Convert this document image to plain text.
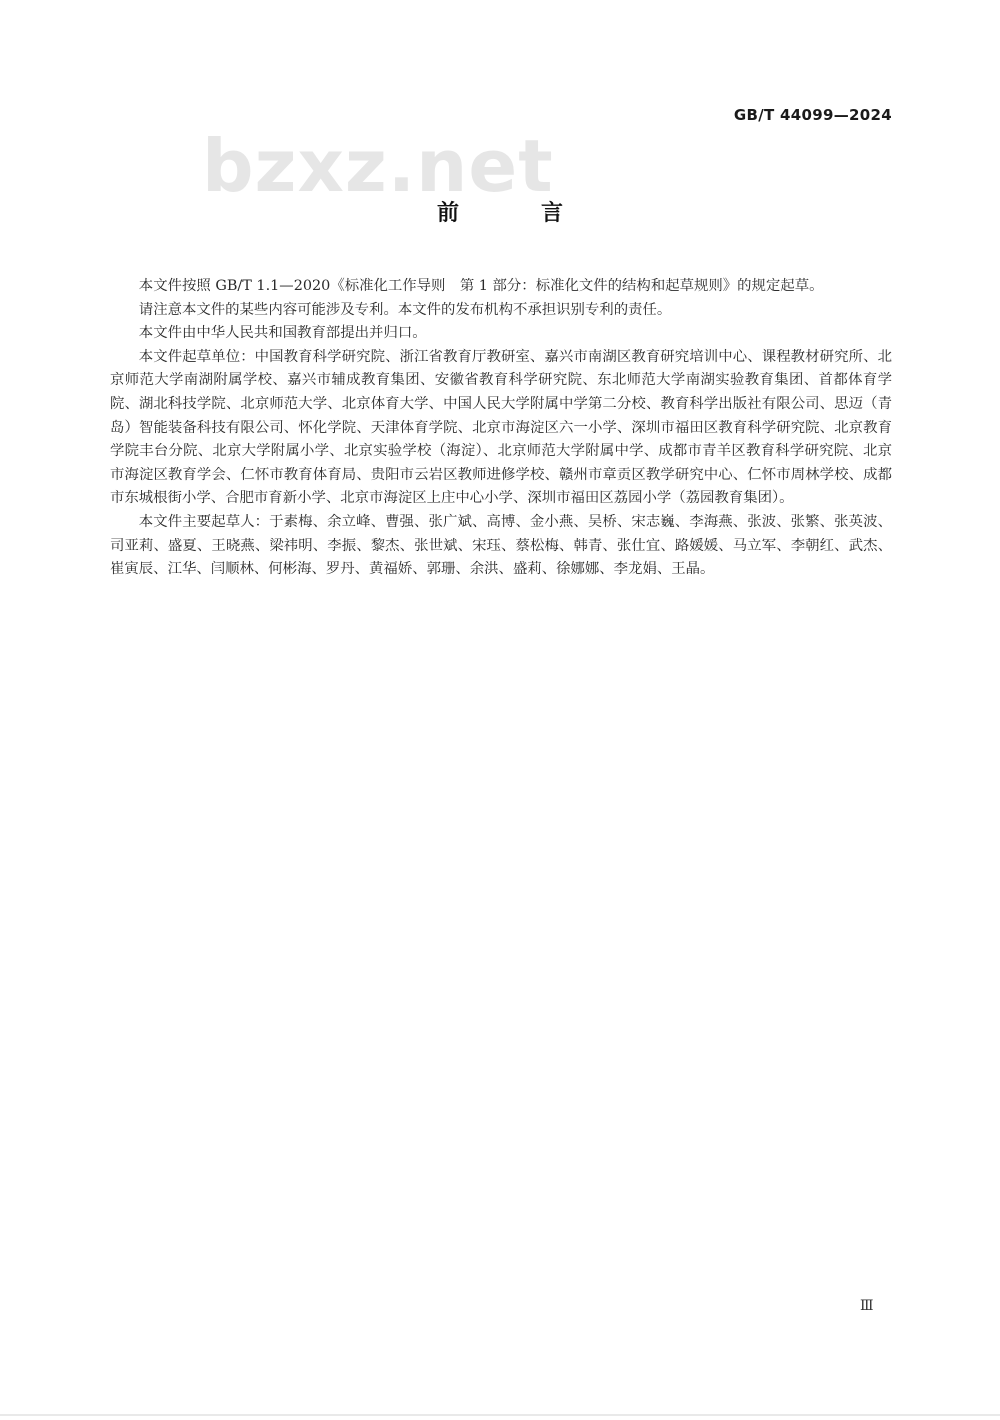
GB/T 44099—2024
bzxz.net
前　言

本文件按照 GB/T 1.1—2020《标准化工作导则　第 1 部分：标准化文件的结构和起草规则》的规定起草。

请注意本文件的某些内容可能涉及专利。本文件的发布机构不承担识别专利的责任。

本文件由中华人民共和国教育部提出并归口。

本文件起草单位：中国教育科学研究院、浙江省教育厅教研室、嘉兴市南湖区教育研究培训中心、课程教材研究所、北京师范大学南湖附属学校、嘉兴市辅成教育集团、安徽省教育科学研究院、东北师范大学南湖实验教育集团、首都体育学院、湖北科技学院、北京师范大学、北京体育大学、中国人民大学附属中学第二分校、教育科学出版社有限公司、思迈（青岛）智能装备科技有限公司、怀化学院、天津体育学院、北京市海淀区六一小学、深圳市福田区教育科学研究院、北京教育学院丰台分院、北京大学附属小学、北京实验学校（海淀）、北京师范大学附属中学、成都市青羊区教育科学研究院、北京市海淀区教育学会、仁怀市教育体育局、贵阳市云岩区教师进修学校、赣州市章贡区教学研究中心、仁怀市周林学校、成都市东城根街小学、合肥市育新小学、北京市海淀区上庄中心小学、深圳市福田区荔园小学（荔园教育集团）。

本文件主要起草人：于素梅、余立峰、曹强、张广斌、高博、金小燕、吴桥、宋志巍、李海燕、张波、张繁、张英波、司亚莉、盛夏、王晓燕、梁祎明、李振、黎杰、张世斌、宋珏、蔡松梅、韩青、张仕宜、路媛媛、马立军、李朝红、武杰、崔寅辰、江华、闫顺林、何彬海、罗丹、黄福娇、郭珊、余洪、盛莉、徐娜娜、李龙娟、王晶。

Ⅲ
